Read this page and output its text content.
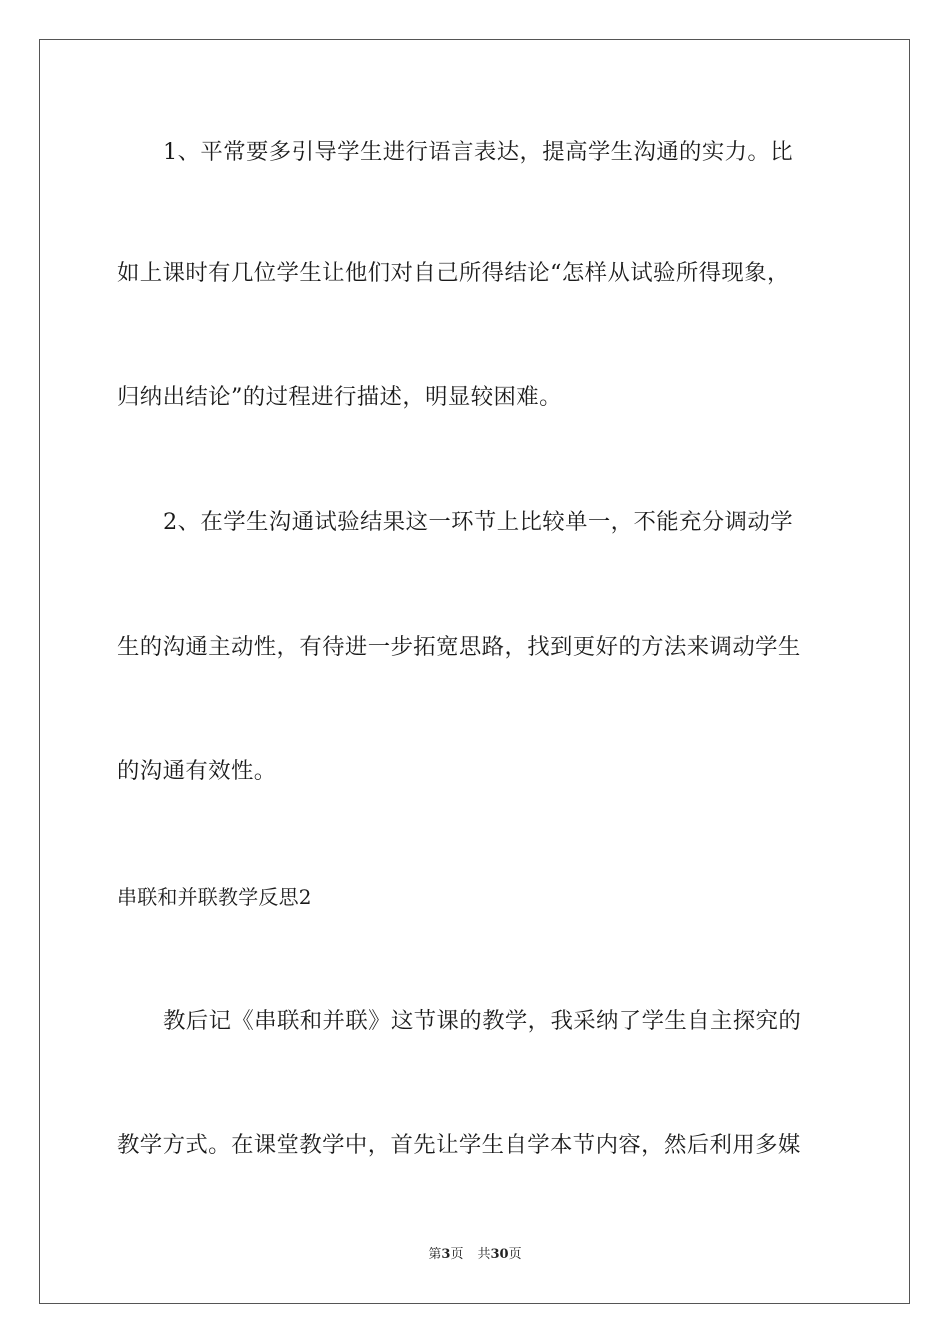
1、平常要多引导学生进行语言表达，提高学生沟通的实力。比
如上课时有几位学生让他们对自己所得结论“怎样从试验所得现象，
归纳出结论”的过程进行描述，明显较困难。
2、在学生沟通试验结果这一环节上比较单一，不能充分调动学
生的沟通主动性，有待进一步拓宽思路，找到更好的方法来调动学生
的沟通有效性。
串联和并联教学反思2
教后记《串联和并联》这节课的教学，我采纳了学生自主探究的
教学方式。在课堂教学中，首先让学生自学本节内容，然后利用多媒
第3页 共30页
